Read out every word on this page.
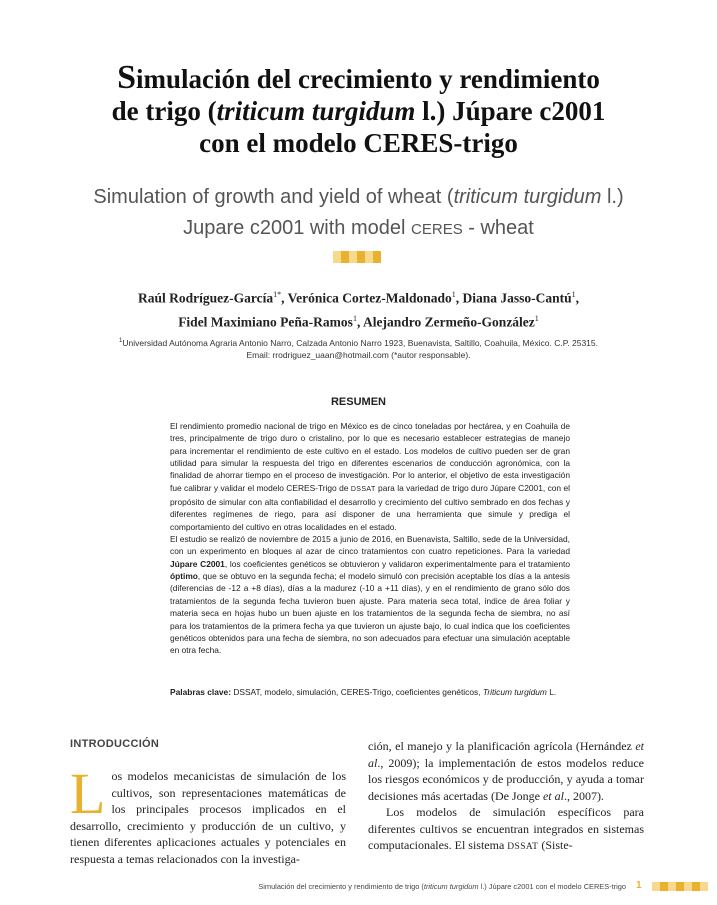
Simulación del crecimiento y rendimiento
de trigo (triticum turgidum l.) Júpare c2001
con el modelo CERES-trigo
Simulation of growth and yield of wheat (triticum turgidum l.)
Jupare c2001 with model CERES - wheat
Raúl Rodríguez-García$^{1*}$, Verónica Cortez-Maldonado$^1$, Diana Jasso-Cantú$^1$,
Fidel Maximiano Peña-Ramos$^1$, Alejandro Zermeño-González$^1$
$^1$Universidad Autónoma Agraria Antonio Narro, Calzada Antonio Narro 1923, Buenavista, Saltillo, Coahuila, México. C.P. 25315.
Email: rrodriguez_uaan@hotmail.com (*autor responsable).
RESUMEN

El rendimiento promedio nacional de trigo en México es de cinco toneladas por hectárea, y en Coahuila de tres, principalmente de trigo duro o cristalino, por lo que es necesario establecer estrategias de manejo para incrementar el rendimiento de este cultivo en el estado. Los modelos de cultivo pueden ser de gran utilidad para simular la respuesta del trigo en diferentes escenarios de conducción agronómica, con la finalidad de ahorrar tiempo en el proceso de investigación. Por lo anterior, el objetivo de esta investigación fue calibrar y validar el modelo CERES-Trigo de DSSAT para la variedad de trigo duro Júpare C2001, con el propósito de simular con alta confiabilidad el desarrollo y crecimiento del cultivo sembrado en dos fechas y diferentes regímenes de riego, para así disponer de una herramienta que simule y prediga el comportamiento del cultivo en otras localidades en el estado.

El estudio se realizó de noviembre de 2015 a junio de 2016, en Buenavista, Saltillo, sede de la Universidad, con un experimento en bloques al azar de cinco tratamientos con cuatro repeticiones. Para la variedad Júpare C2001, los coeficientes genéticos se obtuvieron y validaron experimentalmente para el tratamiento óptimo, que se obtuvo en la segunda fecha; el modelo simuló con precisión aceptable los días a la antesis (diferencias de -12 a +8 días), días a la madurez (-10 a +11 días), y en el rendimiento de grano sólo dos tratamientos de la segunda fecha tuvieron buen ajuste. Para materia seca total, índice de área foliar y materia seca en hojas hubo un buen ajuste en los tratamientos de la segunda fecha de siembra, no así para los tratamientos de la primera fecha ya que tuvieron un ajuste bajo, lo cual indica que los coeficientes genéticos obtenidos para una fecha de siembra, no son adecuados para efectuar una simulación aceptable en otra fecha.

Palabras clave: DSSAT, modelo, simulación, CERES-Trigo, coeficientes genéticos, Triticum turgidum L.
INTRODUCCIÓN
Los modelos mecanicistas de simulación de los cultivos, son representaciones matemáticas de los principales procesos implicados en el desarrollo, crecimiento y producción de un cultivo, y tienen diferentes aplicaciones actuales y potenciales en respuesta a temas relacionados con la investiga-

ción, el manejo y la planificación agrícola (Hernández et al., 2009); la implementación de estos modelos reduce los riesgos económicos y de producción, y ayuda a tomar decisiones más acertadas (De Jonge et al., 2007).

Los modelos de simulación específicos para diferentes cultivos se encuentran integrados en sistemas computacionales. El sistema DSSAT (Siste-

Simulación del crecimiento y rendimiento de trigo (triticum turgidum l.) Júpare c2001 con el modelo CERES-trigo 1
